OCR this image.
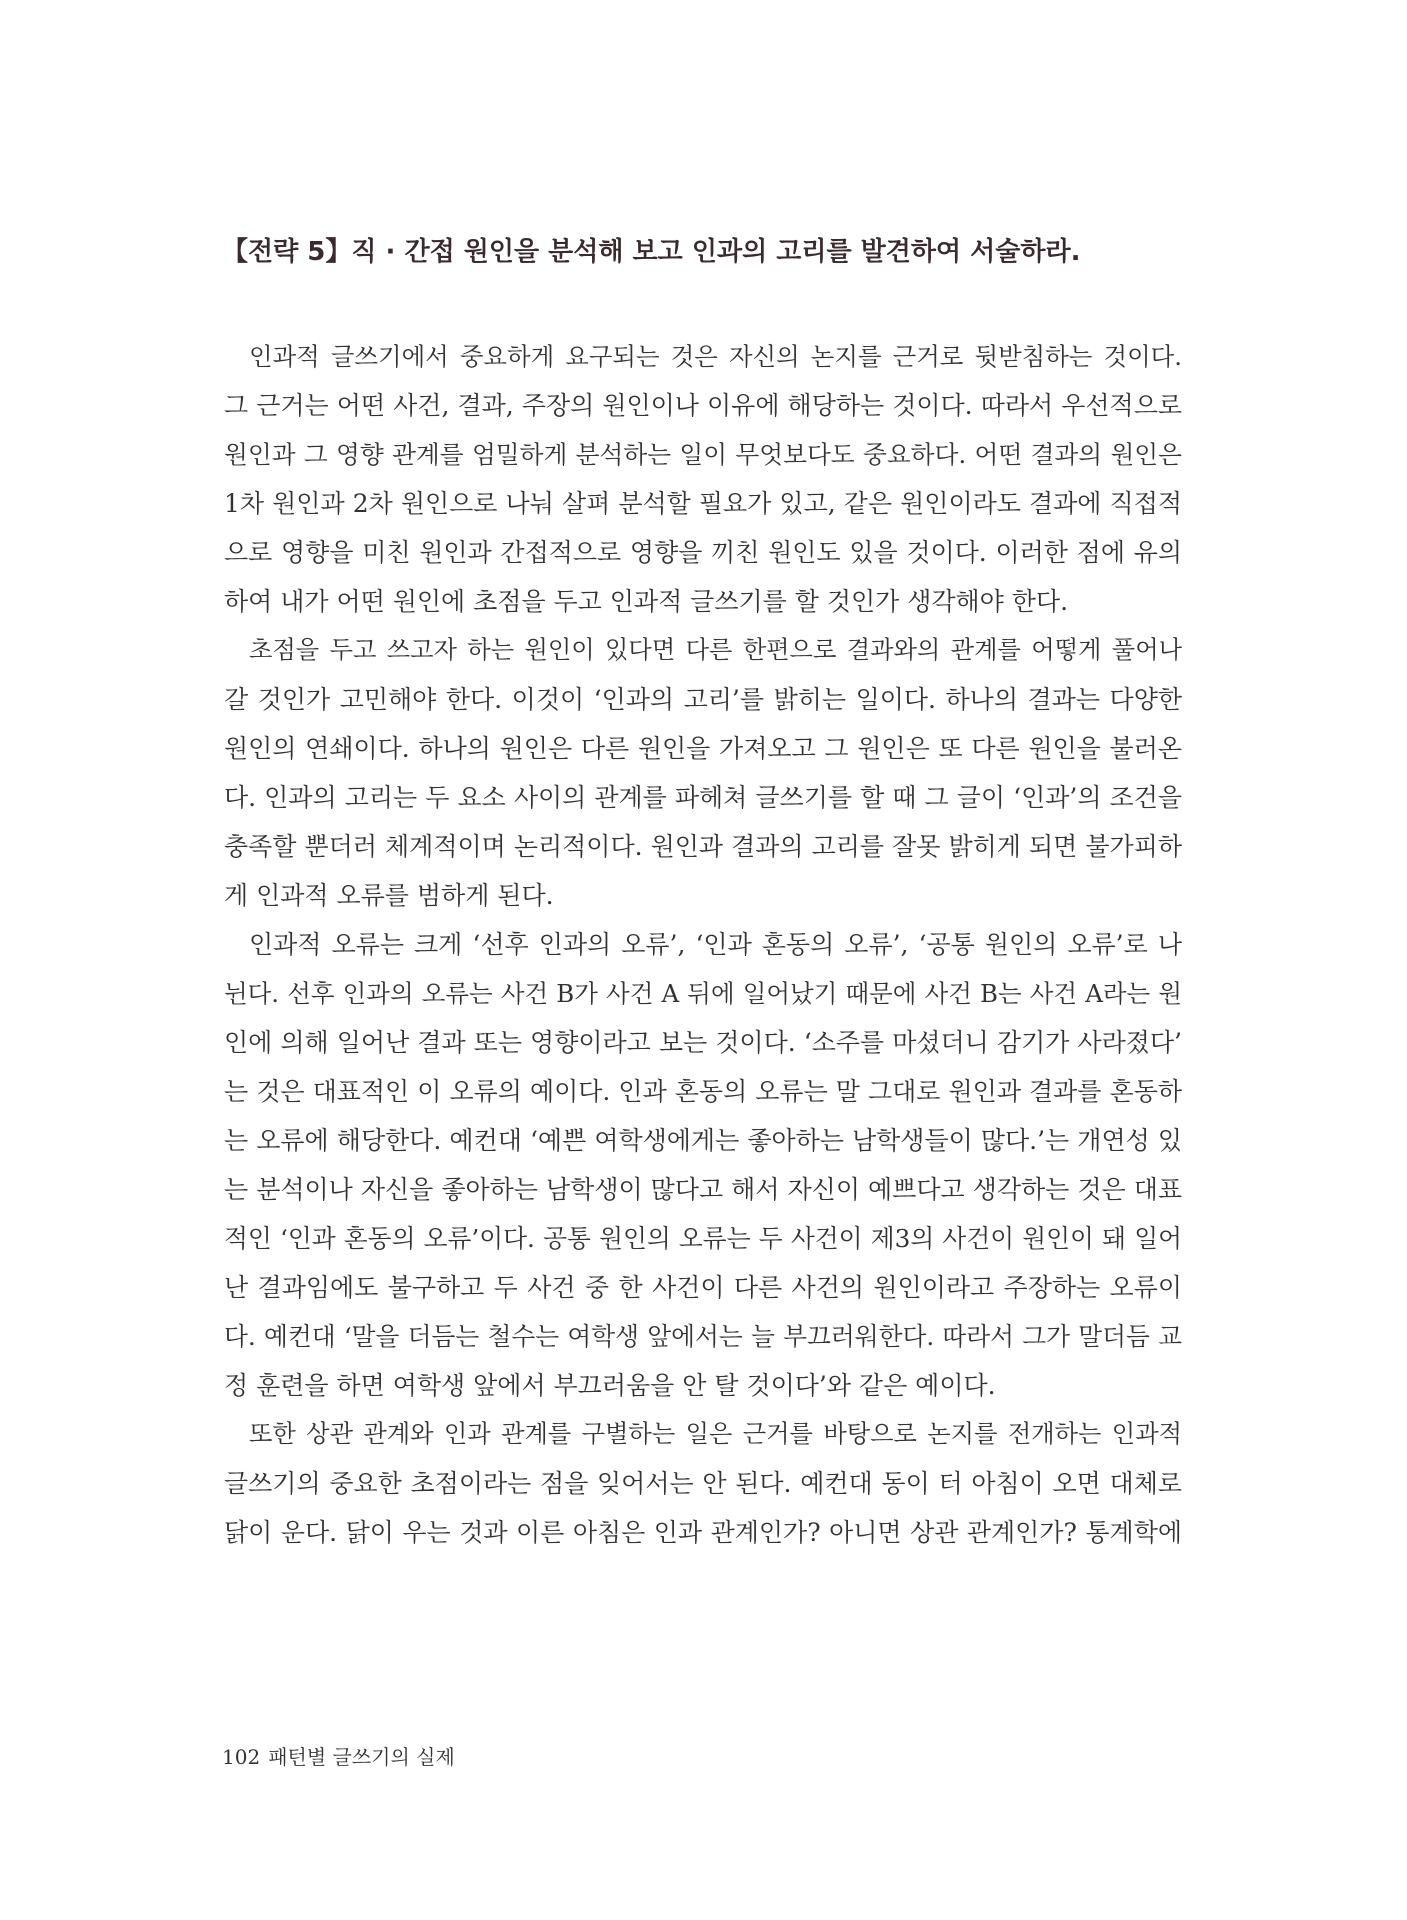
【전략 5】직 · 간접 원인을 분석해 보고 인과의 고리를 발견하여 서술하라.
인과적 글쓰기에서 중요하게 요구되는 것은 자신의 논지를 근거로 뒷받침하는 것이다.
그 근거는 어떤 사건, 결과, 주장의 원인이나 이유에 해당하는 것이다. 따라서 우선적으로
원인과 그 영향 관계를 엄밀하게 분석하는 일이 무엇보다도 중요하다. 어떤 결과의 원인은
1차 원인과 2차 원인으로 나눠 살펴 분석할 필요가 있고, 같은 원인이라도 결과에 직접적
으로 영향을 미친 원인과 간접적으로 영향을 끼친 원인도 있을 것이다. 이러한 점에 유의
하여 내가 어떤 원인에 초점을 두고 인과적 글쓰기를 할 것인가 생각해야 한다.
초점을 두고 쓰고자 하는 원인이 있다면 다른 한편으로 결과와의 관계를 어떻게 풀어나
갈 것인가 고민해야 한다. 이것이 ‘인과의 고리’를 밝히는 일이다. 하나의 결과는 다양한
원인의 연쇄이다. 하나의 원인은 다른 원인을 가져오고 그 원인은 또 다른 원인을 불러온
다. 인과의 고리는 두 요소 사이의 관계를 파헤쳐 글쓰기를 할 때 그 글이 ‘인과’의 조건을
충족할 뿐더러 체계적이며 논리적이다. 원인과 결과의 고리를 잘못 밝히게 되면 불가피하
게 인과적 오류를 범하게 된다.
인과적 오류는 크게 ‘선후 인과의 오류’, ‘인과 혼동의 오류’, ‘공통 원인의 오류’로 나
뉜다. 선후 인과의 오류는 사건 B가 사건 A 뒤에 일어났기 때문에 사건 B는 사건 A라는 원
인에 의해 일어난 결과 또는 영향이라고 보는 것이다. ‘소주를 마셨더니 감기가 사라졌다’
는 것은 대표적인 이 오류의 예이다. 인과 혼동의 오류는 말 그대로 원인과 결과를 혼동하
는 오류에 해당한다. 예컨대 ‘예쁜 여학생에게는 좋아하는 남학생들이 많다.’는 개연성 있
는 분석이나 자신을 좋아하는 남학생이 많다고 해서 자신이 예쁘다고 생각하는 것은 대표
적인 ‘인과 혼동의 오류’이다. 공통 원인의 오류는 두 사건이 제3의 사건이 원인이 돼 일어
난 결과임에도 불구하고 두 사건 중 한 사건이 다른 사건의 원인이라고 주장하는 오류이
다. 예컨대 ‘말을 더듬는 철수는 여학생 앞에서는 늘 부끄러워한다. 따라서 그가 말더듬 교
정 훈련을 하면 여학생 앞에서 부끄러움을 안 탈 것이다’와 같은 예이다.
또한 상관 관계와 인과 관계를 구별하는 일은 근거를 바탕으로 논지를 전개하는 인과적
글쓰기의 중요한 초점이라는 점을 잊어서는 안 된다. 예컨대 동이 터 아침이 오면 대체로
닭이 운다. 닭이 우는 것과 이른 아침은 인과 관계인가? 아니면 상관 관계인가? 통계학에
102 패턴별 글쓰기의 실제
